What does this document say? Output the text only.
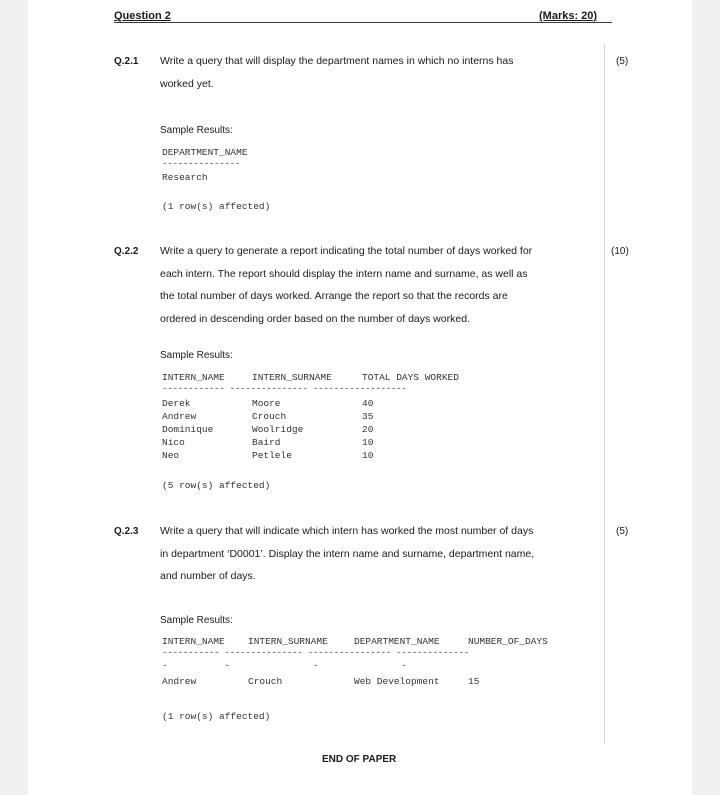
Question 2	(Marks: 20)
Q.2.1	(5)
Write a query that will display the department names in which no interns has
worked yet.
Sample Results:
DEPARTMENT_NAME
---------------
Research
(1 row(s) affected)
Q.2.2	(10)
Write a query to generate a report indicating the total number of days worked for
each intern. The report should display the intern name and surname, as well as
the total number of days worked. Arrange the report so that the records are
ordered in descending order based on the number of days worked.
Sample Results:
INTERN_NAME	INTERN_SURNAME	TOTAL DAYS WORKED
------------ --------------- ------------------
Derek	Moore	40
Andrew	Crouch	35
Dominique	Woolridge	20
Nico	Baird	10
Neo	Petlele	10
(5 row(s) affected)
Q.2.3	(5)
Write a query that will indicate which intern has worked the most number of days
in department ‘D0001’. Display the intern name and surname, department name,
and number of days.
Sample Results:
INTERN_NAME INTERN_SURNAME	DEPARTMENT_NAME	NUMBER_OF_DAYS
----------- --------------- ---------------- --------------
-           -                -                -
Andrew	Crouch	Web Development	15
(1 row(s) affected)
END OF PAPER
